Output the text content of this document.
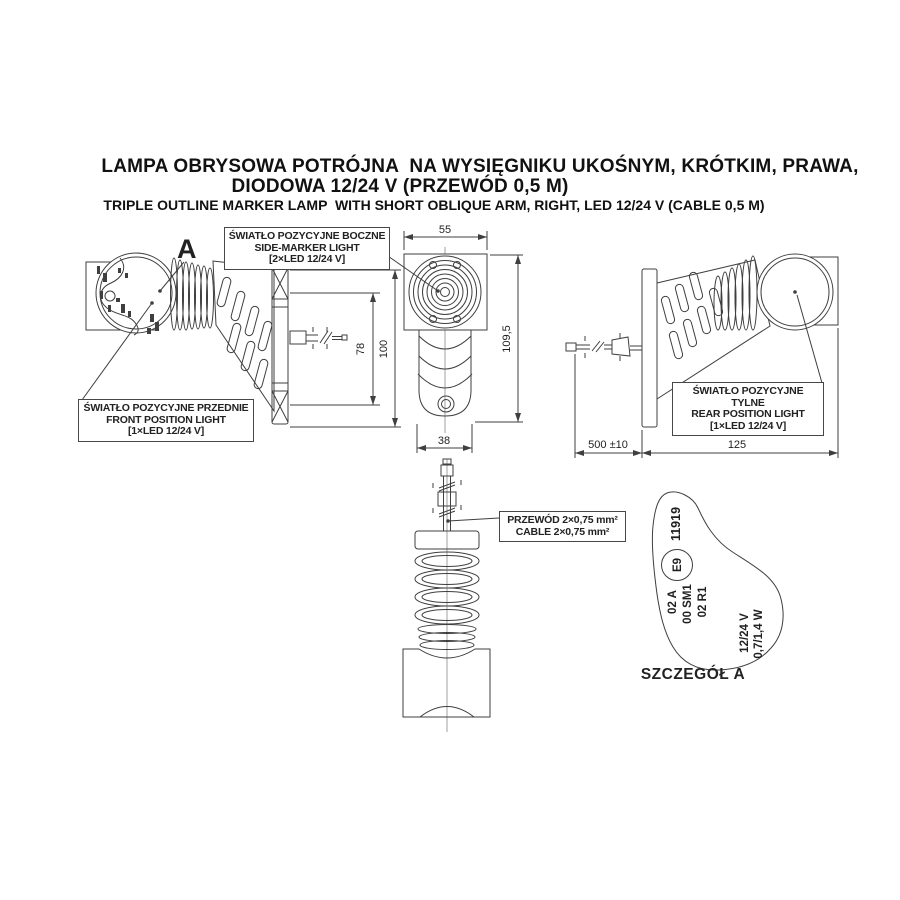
78 100
55
38
109,5
500 ±10	125
E9
11919
02 A 00 SM1 02 R1
12/24 V 0,7/1,4 W
LAMPA OBRYSOWA POTRÓJNA  NA WYSIĘGNIKU UKOŚNYM, KRÓTKIM, PRAWA,
DIODOWA 12/24 V (PRZEWÓD 0,5 M)
TRIPLE OUTLINE MARKER LAMP  WITH SHORT OBLIQUE ARM, RIGHT, LED 12/24 V (CABLE 0,5 M)
ŚWIATŁO POZYCYJNE BOCZNE
SIDE-MARKER LIGHT
[2×LED 12/24 V]
ŚWIATŁO POZYCYJNE PRZEDNIE
FRONT POSITION LIGHT
[1×LED 12/24 V]
ŚWIATŁO POZYCYJNE TYLNE
REAR POSITION LIGHT
[1×LED 12/24 V]
PRZEWÓD 2×0,75 mm²
CABLE 2×0,75 mm²
A
SZCZEGÓŁ A
